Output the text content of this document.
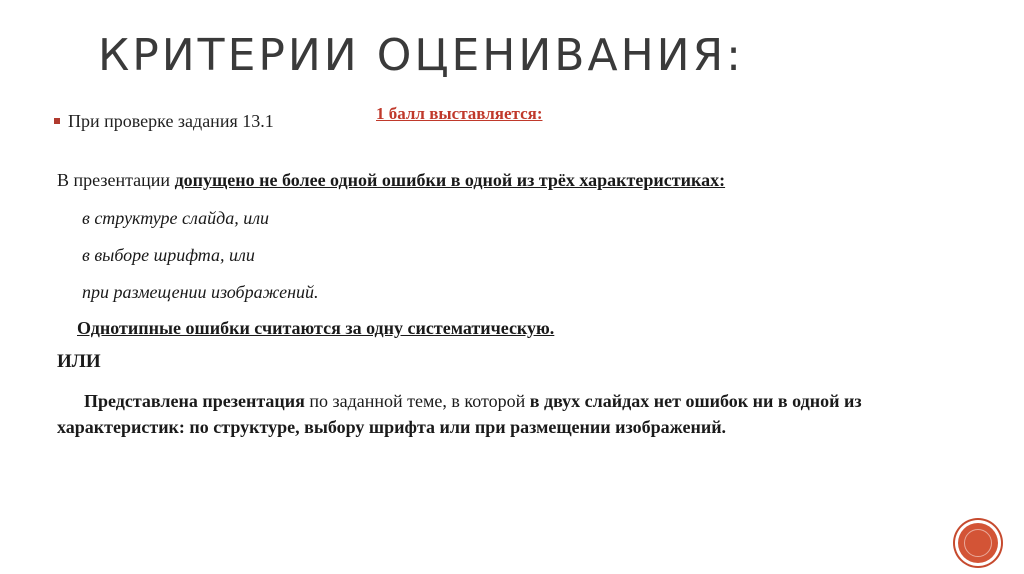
КРИТЕРИИ ОЦЕНИВАНИЯ:
При проверке задания 13.1	1 балл выставляется:
В презентации допущено не более одной ошибки в одной из трёх характеристиках:
в структуре слайда, или
в выборе шрифта, или
при размещении изображений.
Однотипные ошибки считаются за одну систематическую.
ИЛИ
Представлена презентация по заданной теме, в которой в двух слайдах нет ошибок ни в одной из характеристик: по структуре, выбору шрифта или при размещении изображений.
